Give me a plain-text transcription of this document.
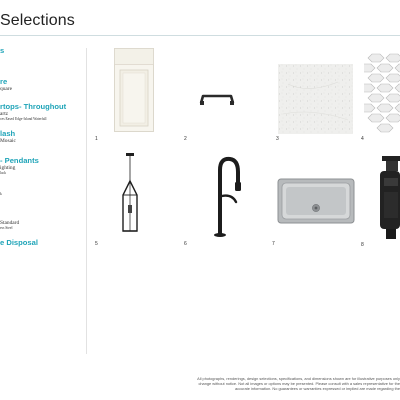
Selections
s
re
quare
rtops- Throughout
artz
ces Eased Edge-Island Waterfall
lash
Mosaic
- Pendants
ighting
lack
k
Standard
ess Steel
e Disposal
1	2	3	4
5	6	7	8
All photographs, renderings, design selections, specifications, and dimensions shown are for illustrative purposes only
change without notice. Not all images or options may be presented. Please consult with a sales representative for the
accurate information. No guarantees or warranties expressed or implied are made regarding the
